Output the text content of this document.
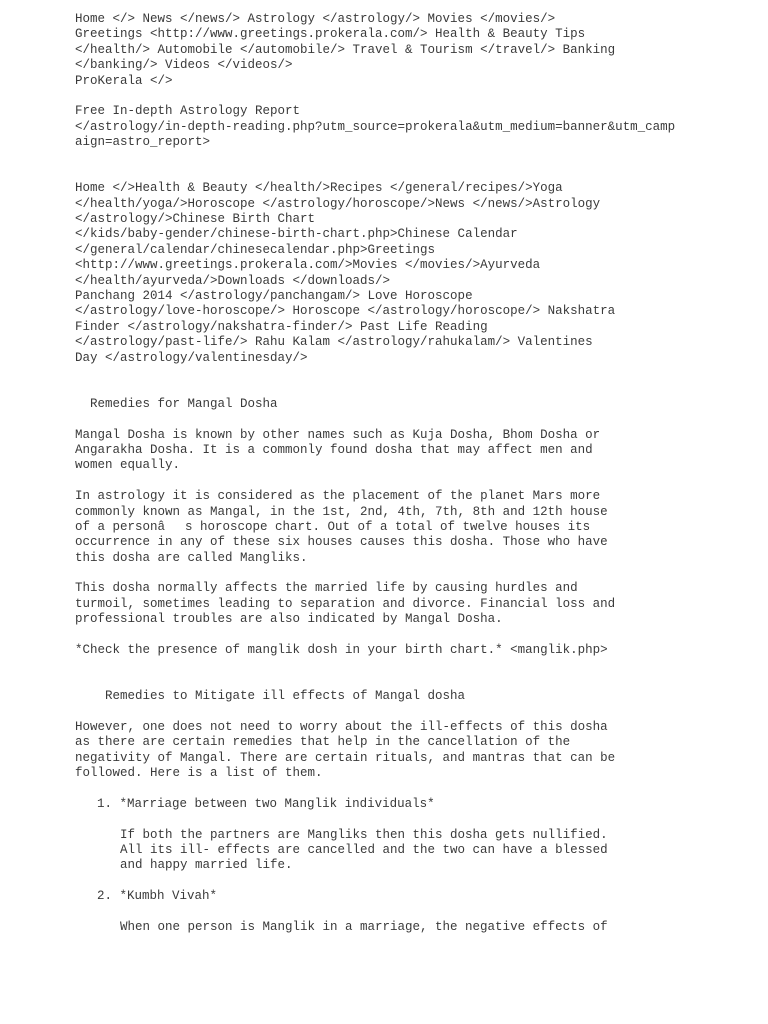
Home </> News </news/> Astrology </astrology/> Movies </movies/>
Greetings <http://www.greetings.prokerala.com/> Health & Beauty Tips
</health/> Automobile </automobile/> Travel & Tourism </travel/> Banking
</banking/> Videos </videos/>
ProKerala </>
Free In-depth Astrology Report
</astrology/in-depth-reading.php?utm_source=prokerala&utm_medium=banner&utm_camp
aign=astro_report>
Home </>Health & Beauty </health/>Recipes </general/recipes/>Yoga
</health/yoga/>Horoscope </astrology/horoscope/>News </news/>Astrology
</astrology/>Chinese Birth Chart
</kids/baby-gender/chinese-birth-chart.php>Chinese Calendar
</general/calendar/chinesecalendar.php>Greetings
<http://www.greetings.prokerala.com/>Movies </movies/>Ayurveda
</health/ayurveda/>Downloads </downloads/>
Panchang 2014 </astrology/panchangam/> Love Horoscope
</astrology/love-horoscope/> Horoscope </astrology/horoscope/> Nakshatra
Finder </astrology/nakshatra-finder/> Past Life Reading
</astrology/past-life/> Rahu Kalam </astrology/rahukalam/> Valentines
Day </astrology/valentinesday/>
Remedies for Mangal Dosha
Mangal Dosha is known by other names such as Kuja Dosha, Bhom Dosha or
Angarakha Dosha. It is a commonly found dosha that may affect men and
women equally.
In astrology it is considered as the placement of the planet Mars more
commonly known as Mangal, in the 1st, 2nd, 4th, 7th, 8th and 12th house
of a personâs horoscope chart. Out of a total of twelve houses its
occurrence in any of these six houses causes this dosha. Those who have
this dosha are called Mangliks.
This dosha normally affects the married life by causing hurdles and
turmoil, sometimes leading to separation and divorce. Financial loss and
professional troubles are also indicated by Mangal Dosha.
*Check the presence of manglik dosh in your birth chart.* <manglik.php>
Remedies to Mitigate ill effects of Mangal dosha
However, one does not need to worry about the ill-effects of this dosha
as there are certain remedies that help in the cancellation of the
negativity of Mangal. There are certain rituals, and mantras that can be
followed. Here is a list of them.
1. *Marriage between two Manglik individuals*
If both the partners are Mangliks then this dosha gets nullified.
All its ill- effects are cancelled and the two can have a blessed
and happy married life.
2. *Kumbh Vivah*
When one person is Manglik in a marriage, the negative effects of
